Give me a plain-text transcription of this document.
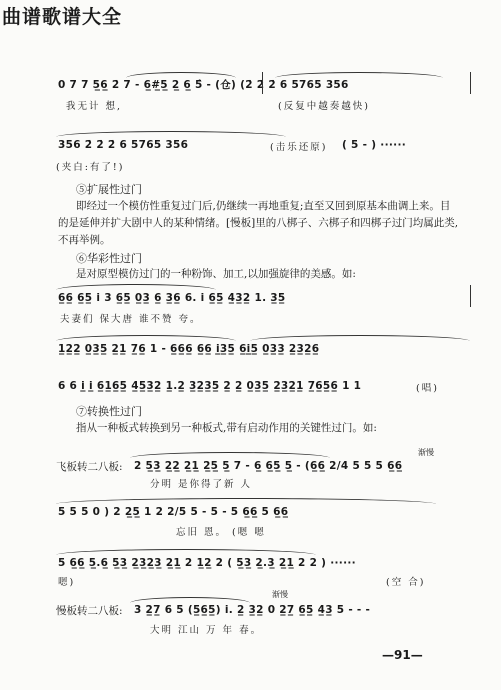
曲谱歌谱大全
0 7 7 5̲6̲ 2̇ 7 - 6̲#̲5̲ 2̲ 6̲ 5̂ - (仓) (2̇ 2̇ 2̇ 6 5765 356
我无计 想,	(反复中越奏越快)
356 2̇ 2̇ 2̇ 6 5765 356	(击乐还原) ( 5 - ) ······
(夹白:有了!)
⑤扩展性过门
即经过一个模仿性重复过门后,仍继续一再地重复;直至又回到原基本曲调上来。目
的是延伸并扩大剧中人的某种情绪。[慢板]里的八梆子、六梆子和四梆子过门均属此类,
不再举例。
⑥华彩性过门
是对原型模仿过门的一种粉饰、加工,以加强旋律的美感。如:
6̲6̲ 6̲5̲ i 3 6̲5̲ 0̲3̲ 6̲ 3̲6̲ 6. i 6̲5̲ 4̲3̲2̲ 1. 3̲5̲
夫妻们 保大唐 谁不赞 夸。
1̲2̲2̲ 0̲3̲5̲ 2̲1̲ 7̲6̲ 1 - 6̲6̲6̲ 6̲6̲ i̲3̲5̲ 6̲i̲5̲ 0̲3̲3̲ 2̲3̲2̲6̲
6 6 i̲ i̲ 6̲1̲6̲5̲ 4̲5̲3̲2̲ 1̲.2̲ 3̲2̲3̲5̲ 2̲ 2̲ 0̲3̲5̲ 2̲3̲2̲1̲ 7̲6̲5̲6̲ 1 1	(唱)
⑦转换性过门
指从一种板式转换到另一种板式,带有启动作用的关键性过门。如:
渐慢
飞板转二八板: 2 5̲3̲ 2̲2̲ 2̲1̲ 2̲5̲ 5̲ 7 - 6̲ 6̲5̲ 5̲ - (6̲6̲ 2/4 5 5 5 6̲6̲
分明 是你得了新 人
5 5 5 0 ) 2 2̲5̲ 1 2 2/5 5 - 5 - 5 6̲6̲ 5 6̲6̲
忘旧 恩。 (嗯 嗯
5 6̲6̲ 5̲.6̲ 5̲3̲ 2̲3̲2̲3̲ 2̲1̲ 2 1̲2̲ 2 ( 5̲3̲ 2̲.3̲ 2̲1̲ 2 2 ) ······
嗯)	(空 合)
渐慢
慢板转二八板: 3 2̲7̲ 6 5 (5̲6̲5̲) i. 2̲ 3̲2̲ 0 2̲7̲ 6̲5̲ 4̲3̲ 5 - - -
大明 江山 万 年 春。
—91—
